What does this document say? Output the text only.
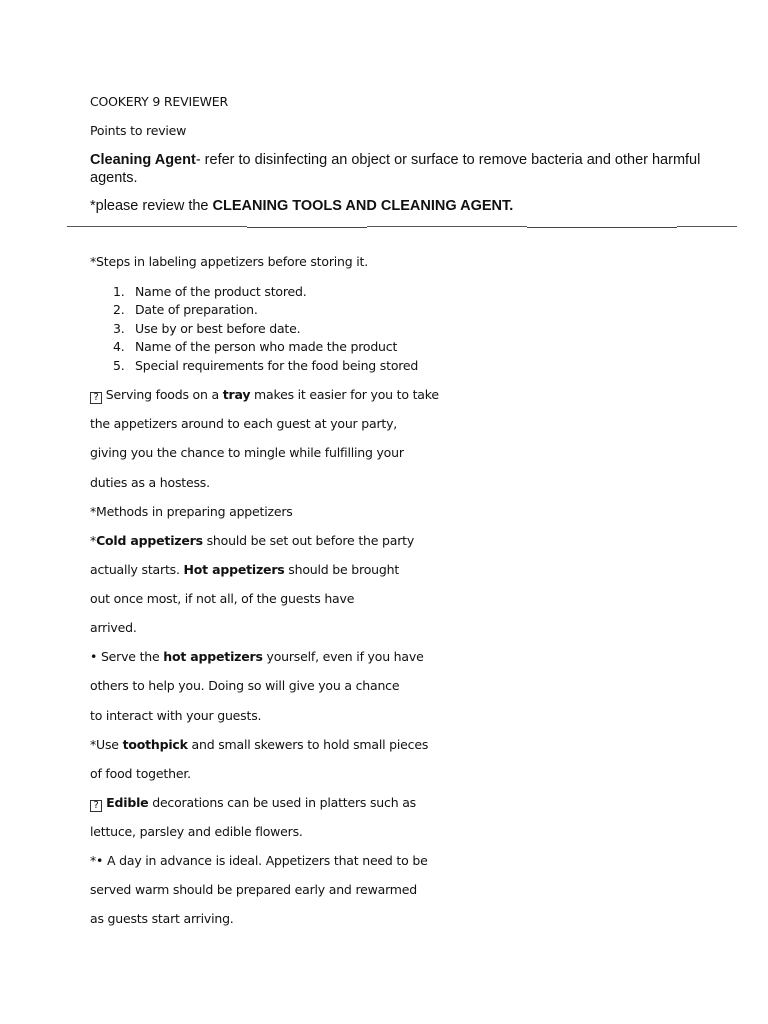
COOKERY 9 REVIEWER
Points to review
Cleaning Agent- refer to disinfecting an object or surface to remove bacteria and other harmful
agents.
*please review the CLEANING TOOLS AND CLEANING AGENT.
*Steps in labeling appetizers before storing it.
1. Name of the product stored.
2. Date of preparation.
3. Use by or best before date.
4. Name of the person who made the product
5. Special requirements for the food being stored
? Serving foods on a tray makes it easier for you to take
the appetizers around to each guest at your party,
giving you the chance to mingle while fulfilling your
duties as a hostess.
*Methods in preparing appetizers
*Cold appetizers should be set out before the party
actually starts. Hot appetizers should be brought
out once most, if not all, of the guests have
arrived.
• Serve the hot appetizers yourself, even if you have
others to help you. Doing so will give you a chance
to interact with your guests.
*Use toothpick and small skewers to hold small pieces
of food together.
? Edible decorations can be used in platters such as
lettuce, parsley and edible flowers.
*• A day in advance is ideal. Appetizers that need to be
served warm should be prepared early and rewarmed
as guests start arriving.
